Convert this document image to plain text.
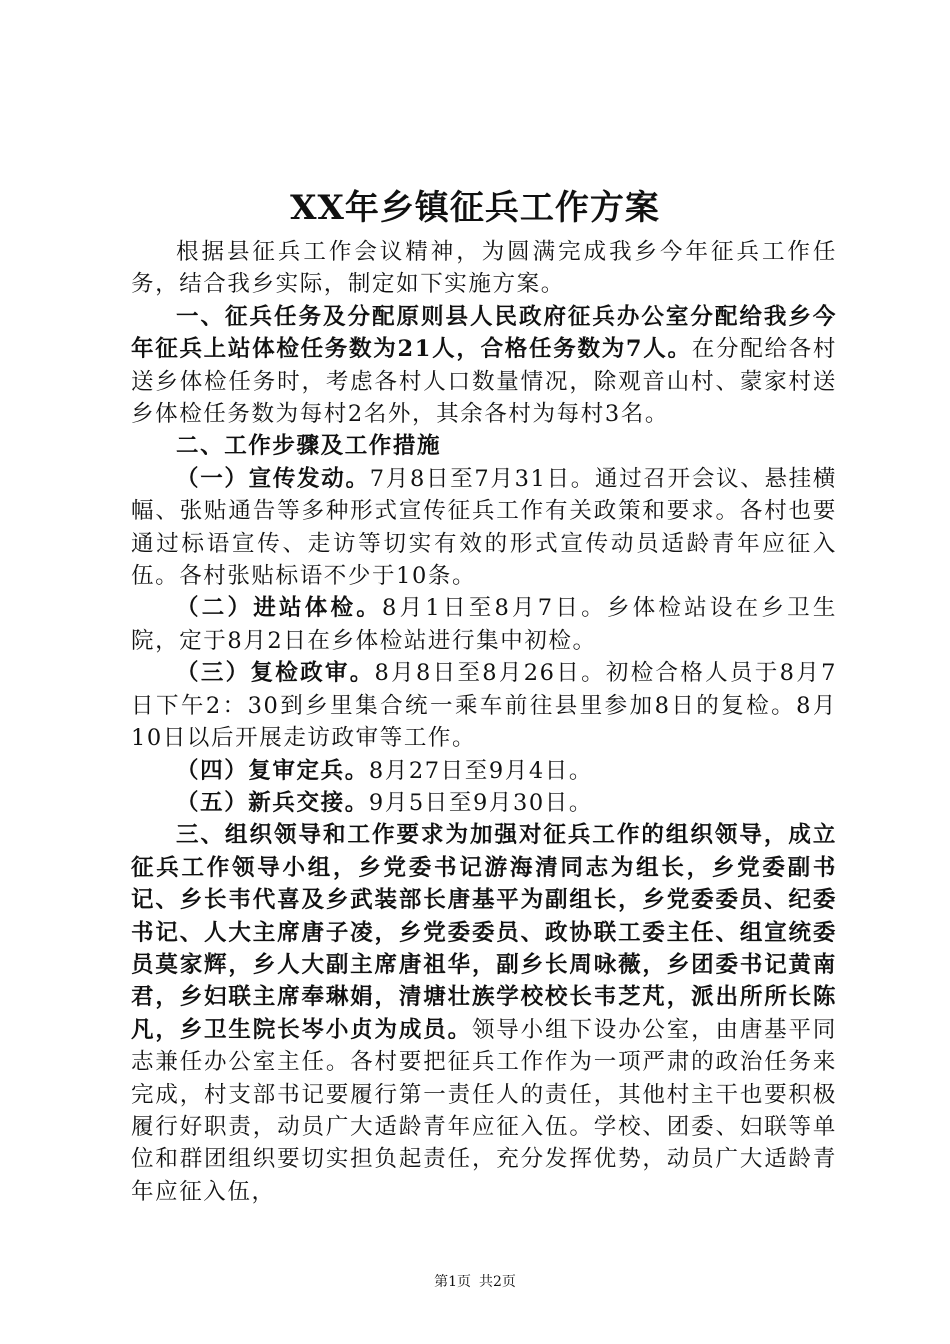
XX年乡镇征兵工作方案

根据县征兵工作会议精神，为圆满完成我乡今年征兵工作任务，结合我乡实际，制定如下实施方案。

一、征兵任务及分配原则县人民政府征兵办公室分配给我乡今年征兵上站体检任务数为21人，合格任务数为7人。在分配给各村送乡体检任务时，考虑各村人口数量情况，除观音山村、蒙家村送乡体检任务数为每村2名外，其余各村为每村3名。

二、工作步骤及工作措施

（一）宣传发动。7月8日至7月31日。通过召开会议、悬挂横幅、张贴通告等多种形式宣传征兵工作有关政策和要求。各村也要通过标语宣传、走访等切实有效的形式宣传动员适龄青年应征入伍。各村张贴标语不少于10条。

（二）进站体检。8月1日至8月7日。乡体检站设在乡卫生院，定于8月2日在乡体检站进行集中初检。

（三）复检政审。8月8日至8月26日。初检合格人员于8月7日下午2：30到乡里集合统一乘车前往县里参加8日的复检。8月10日以后开展走访政审等工作。

（四）复审定兵。8月27日至9月4日。

（五）新兵交接。9月5日至9月30日。

三、组织领导和工作要求为加强对征兵工作的组织领导，成立征兵工作领导小组，乡党委书记游海清同志为组长，乡党委副书记、乡长韦代喜及乡武装部长唐基平为副组长，乡党委委员、纪委书记、人大主席唐子凌，乡党委委员、政协联工委主任、组宣统委员莫家辉，乡人大副主席唐祖华，副乡长周咏薇，乡团委书记黄南君，乡妇联主席奉琳娟，清塘壮族学校校长韦芝芃，派出所所长陈凡，乡卫生院长岑小贞为成员。领导小组下设办公室，由唐基平同志兼任办公室主任。各村要把征兵工作作为一项严肃的政治任务来完成，村支部书记要履行第一责任人的责任，其他村主干也要积极履行好职责，动员广大适龄青年应征入伍。学校、团委、妇联等单位和群团组织要切实担负起责任，充分发挥优势，动员广大适龄青年应征入伍，

第1页 共2页
